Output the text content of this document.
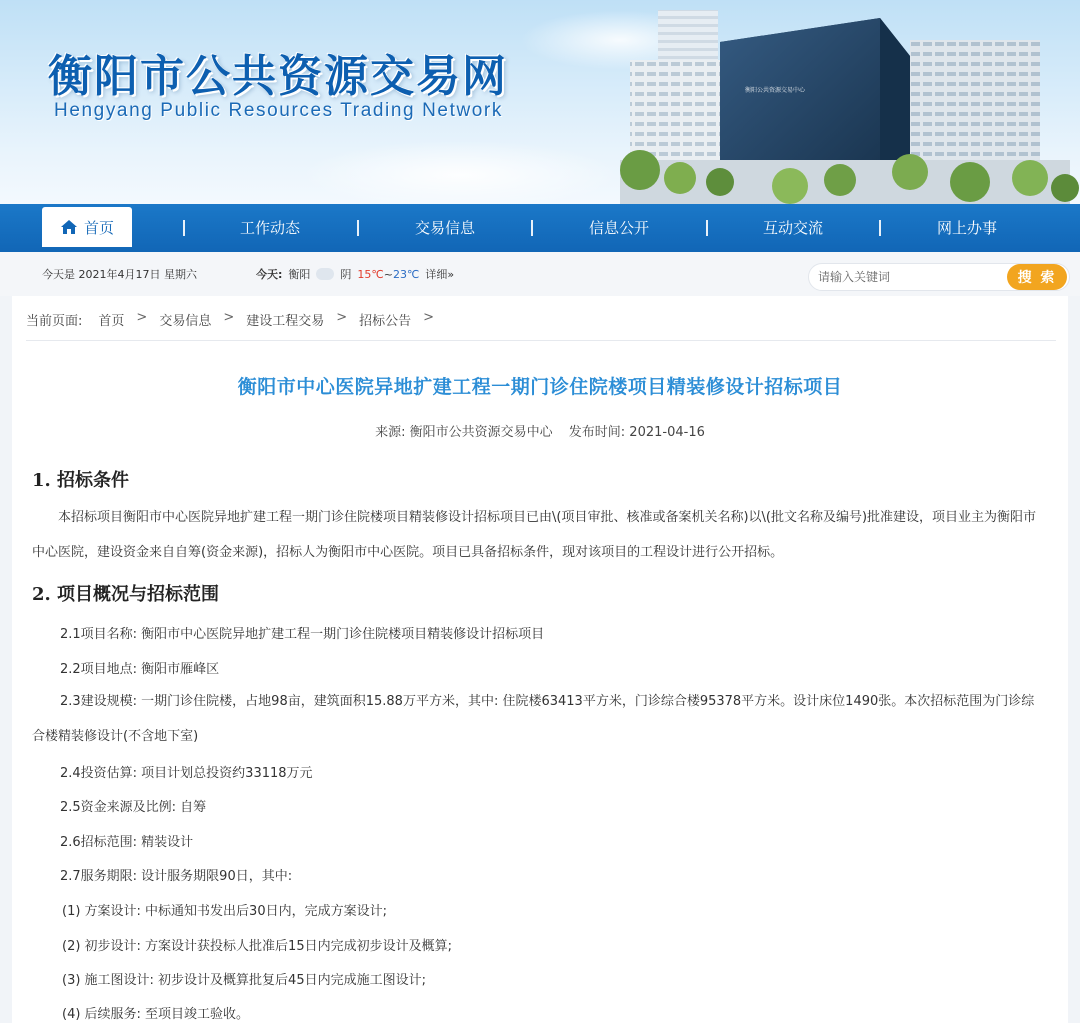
衡阳公共资源交易中心
衡阳市公共资源交易网
Hengyang Public Resources Trading Network
首页	工作动态	交易信息	信息公开	互动交流	网上办事
今天是 2021年4月17日 星期六	今天: 衡阳	阴 15℃~23℃ 详细»
请输入关键词	搜 索
当前页面: 首页 > 交易信息 > 建设工程交易 > 招标公告 >
衡阳市中心医院异地扩建工程一期门诊住院楼项目精装修设计招标项目
来源: 衡阳市公共资源交易中心 发布时间: 2021-04-16
1. 招标条件

本招标项目衡阳市中心医院异地扩建工程一期门诊住院楼项目精装修设计招标项目已由\(项目审批、核准或备案机关名称)以\(批文名称及编号)批准建设，项目业主为衡阳市中心医院，建设资金来自自筹(资金来源)，招标人为衡阳市中心医院。项目已具备招标条件，现对该项目的工程设计进行公开招标。

2. 项目概况与招标范围
2.1项目名称: 衡阳市中心医院异地扩建工程一期门诊住院楼项目精装修设计招标项目
2.2项目地点: 衡阳市雁峰区

2.3建设规模: 一期门诊住院楼，占地98亩，建筑面积15.88万平方米，其中: 住院楼63413平方米，门诊综合楼95378平方米。设计床位1490张。本次招标范围为门诊综合楼精装修设计(不含地下室)

2.4投资估算: 项目计划总投资约33118万元
2.5资金来源及比例: 自筹
2.6招标范围: 精装设计
2.7服务期限: 设计服务期限90日，其中:
(1) 方案设计: 中标通知书发出后30日内，完成方案设计;
(2) 初步设计: 方案设计获投标人批准后15日内完成初步设计及概算;
(3) 施工图设计: 初步设计及概算批复后45日内完成施工图设计;
(4) 后续服务: 至项目竣工验收。
